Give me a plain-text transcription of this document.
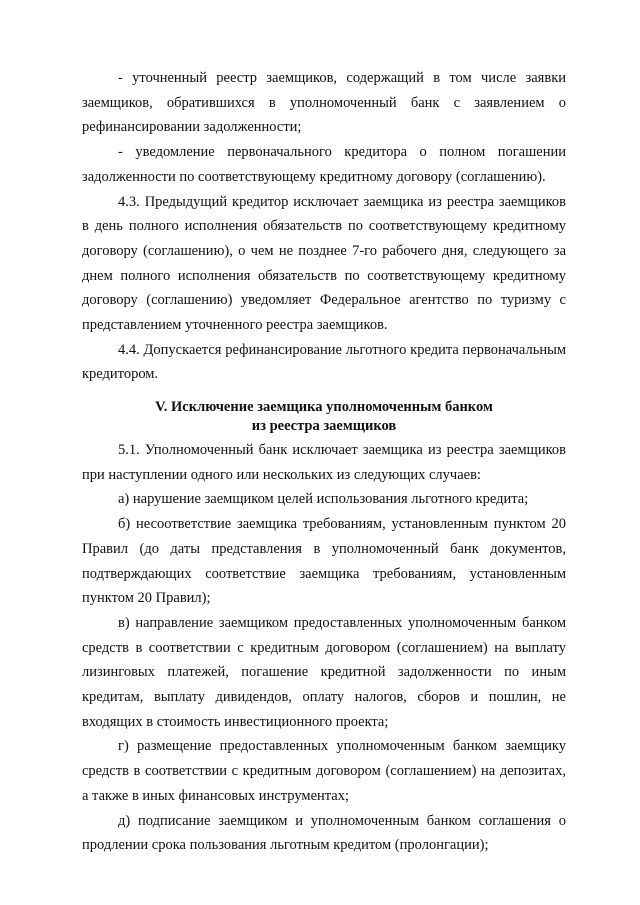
- уточненный реестр заемщиков, содержащий в том числе заявки заемщиков, обратившихся в уполномоченный банк с заявлением о рефинансировании задолженности;

- уведомление первоначального кредитора о полном погашении задолженности по соответствующему кредитному договору (соглашению).

4.3. Предыдущий кредитор исключает заемщика из реестра заемщиков в день полного исполнения обязательств по соответствующему кредитному договору (соглашению), о чем не позднее 7-го рабочего дня, следующего за днем полного исполнения обязательств по соответствующему кредитному договору (соглашению) уведомляет Федеральное агентство по туризму с представлением уточненного реестра заемщиков.

4.4. Допускается рефинансирование льготного кредита первоначальным кредитором.

V. Исключение заемщика уполномоченным банком
из реестра заемщиков

5.1. Уполномоченный банк исключает заемщика из реестра заемщиков при наступлении одного или нескольких из следующих случаев:

а) нарушение заемщиком целей использования льготного кредита;

б) несоответствие заемщика требованиям, установленным пунктом 20 Правил (до даты представления в уполномоченный банк документов, подтверждающих соответствие заемщика требованиям, установленным пунктом 20 Правил);

в) направление заемщиком предоставленных уполномоченным банком средств в соответствии с кредитным договором (соглашением) на выплату лизинговых платежей, погашение кредитной задолженности по иным кредитам, выплату дивидендов, оплату налогов, сборов и пошлин, не входящих в стоимость инвестиционного проекта;

г) размещение предоставленных уполномоченным банком заемщику средств в соответствии с кредитным договором (соглашением) на депозитах, а также в иных финансовых инструментах;

д) подписание заемщиком и уполномоченным банком соглашения о продлении срока пользования льготным кредитом (пролонгации);
